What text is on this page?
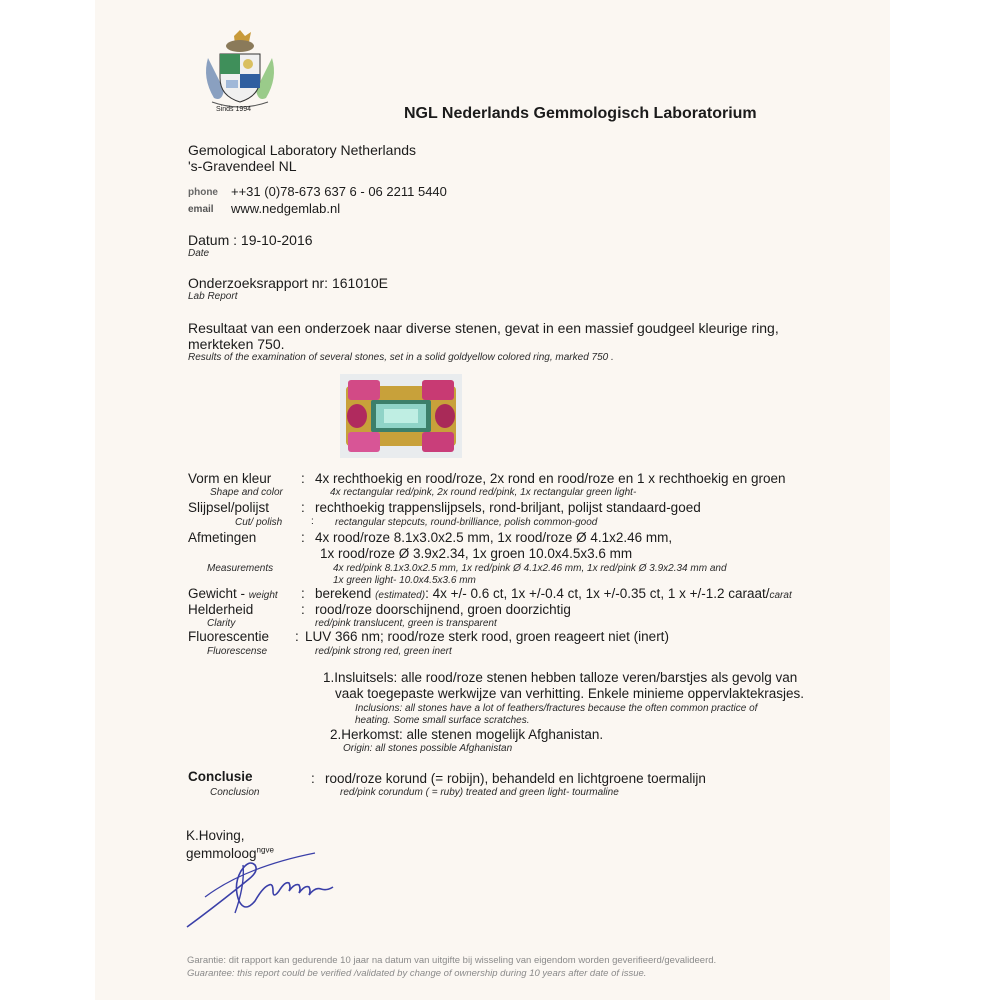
Sinds 1994	NGL Nederlands Gemmologisch Laboratorium
Gemological Laboratory Netherlands
's-Gravendeel NL
phone ++31 (0)78-673 637 6 - 06 2211 5440
email www.nedgemlab.nl
Datum : 19-10-2016
Date
Onderzoeksrapport nr: 161010E
Lab Report
Resultaat van een onderzoek naar diverse stenen, gevat in een massief goudgeel kleurige ring,
merkteken 750.
Results of the examination of several stones, set in a solid goldyellow colored ring, marked 750 .
Vorm en kleur : 4x rechthoekig en rood/roze, 2x rond en rood/roze en 1 x rechthoekig en groen
Shape and color	4x rectangular red/pink, 2x round red/pink, 1x rectangular green light-
Slijpsel/polijst : rechthoekig trappenslijpsels, rond-briljant, polijst standaard-goed
Cut/ polish	: rectangular stepcuts, round-brilliance, polish common-good
Afmetingen	: 4x rood/roze 8.1x3.0x2.5 mm, 1x rood/roze Ø 4.1x2.46 mm,
1x rood/roze Ø 3.9x2.34, 1x groen 10.0x4.5x3.6 mm
Measurements	4x red/pink 8.1x3.0x2.5 mm, 1x red/pink Ø 4.1x2.46 mm, 1x red/pink Ø 3.9x2.34 mm and
1x green light- 10.0x4.5x3.6 mm
Gewicht - weight : berekend (estimated): 4x +/- 0.6 ct, 1x +/-0.4 ct, 1x +/-0.35 ct, 1 x +/-1.2 caraat/carat
Helderheid	: rood/roze doorschijnend, groen doorzichtig
Clarity	red/pink translucent, green is transparent
Fluorescentie : LUV 366 nm; rood/roze sterk rood, groen reageert niet (inert)
Fluorescense	red/pink strong red, green inert
1.Insluitsels: alle rood/roze stenen hebben talloze veren/barstjes als gevolg van
vaak toegepaste werkwijze van verhitting. Enkele minieme oppervlaktekrasjes.
Inclusions: all stones have a lot of feathers/fractures because the often common practice of
heating. Some small surface scratches.
2.Herkomst: alle stenen mogelijk Afghanistan.
Origin: all stones possible Afghanistan
Conclusie	: rood/roze korund (= robijn), behandeld en lichtgroene toermalijn
Conclusion	red/pink corundum ( = ruby) treated and green light- tourmaline
K.Hoving,
gemmoloog$^{ngve}$
Garantie: dit rapport kan gedurende 10 jaar na datum van uitgifte bij wisseling van eigendom worden geverifieerd/gevalideerd.
Guarantee: this report could be verified /validated by change of ownership during 10 years after date of issue.
